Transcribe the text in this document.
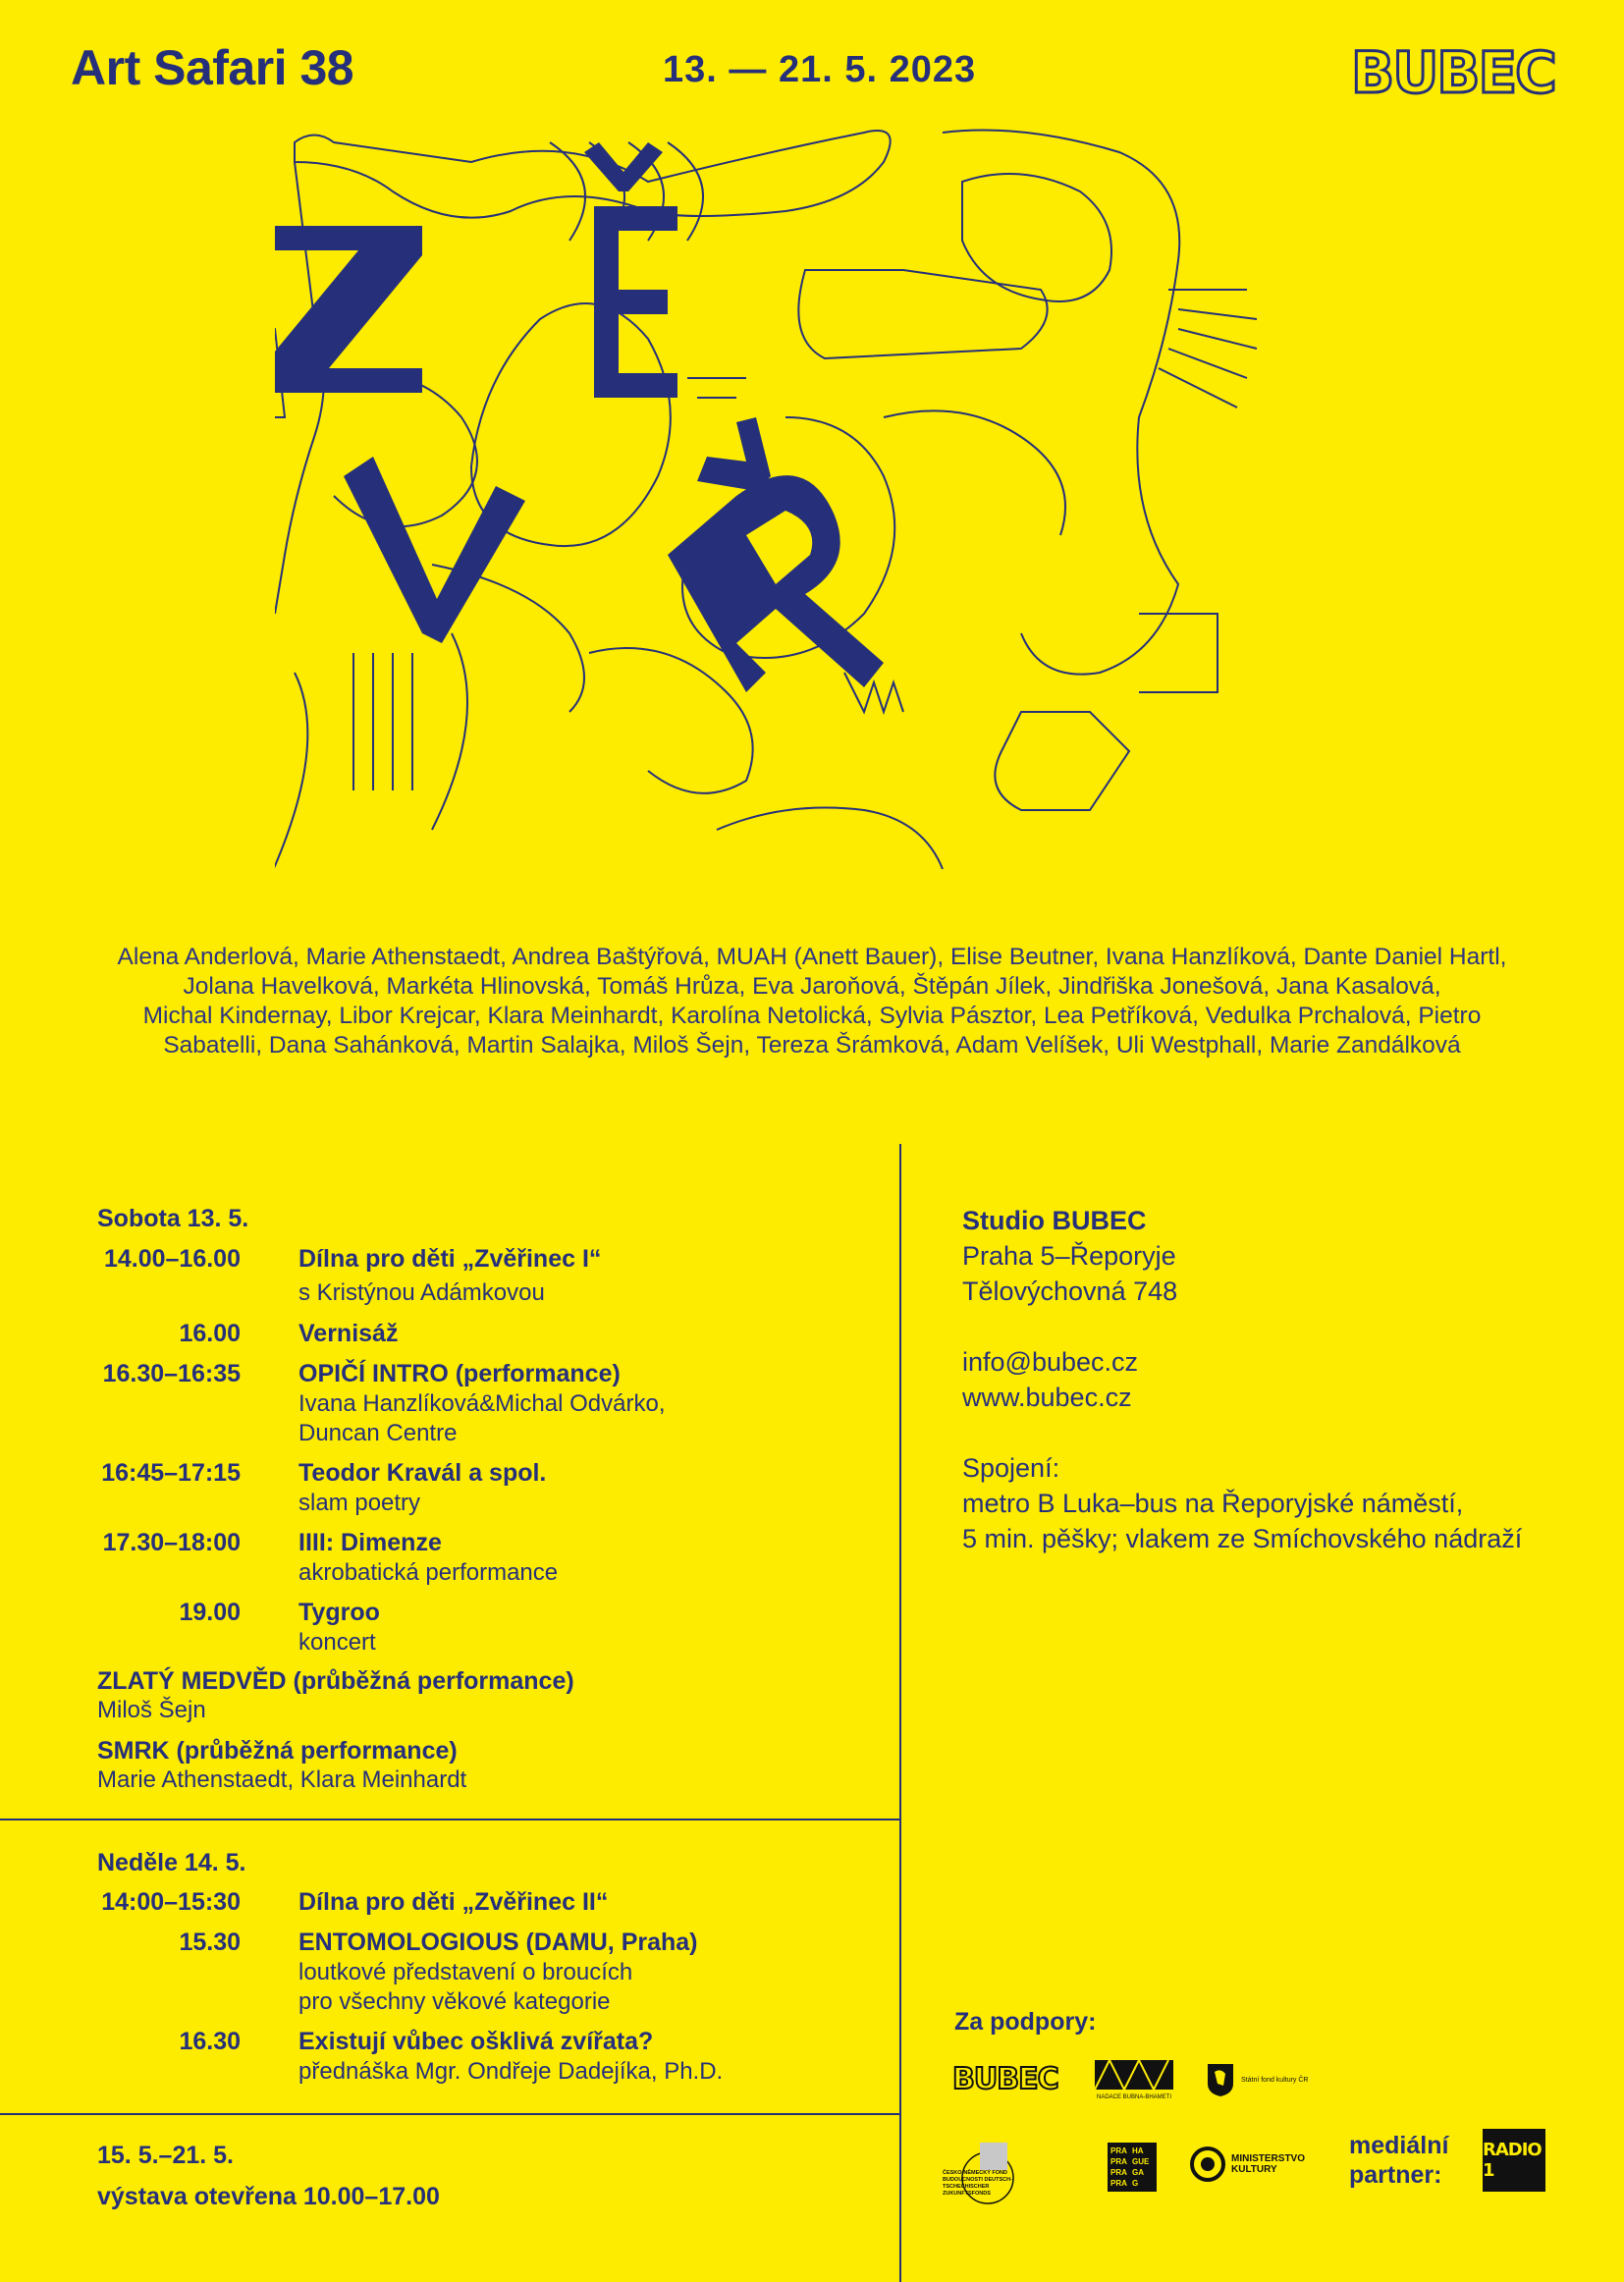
Art Safari 38	13. — 21. 5. 2023	BUBEC
Alena Anderlová, Marie Athenstaedt, Andrea Baštýřová, MUAH (Anett Bauer), Elise Beutner, Ivana Hanzlíková, Dante Daniel Hartl,
Jolana Havelková, Markéta Hlinovská, Tomáš Hrůza, Eva Jaroňová, Štěpán Jílek, Jindřiška Jonešová, Jana Kasalová,
Michal Kindernay, Libor Krejcar, Klara Meinhardt, Karolína Netolická, Sylvia Pásztor, Lea Petříková, Vedulka Prchalová, Pietro
Sabatelli, Dana Sahánková, Martin Salajka, Miloš Šejn, Tereza Šrámková, Adam Velíšek, Uli Westphall, Marie Zandálková
Sobota 13. 5.
14.00–16.00 Dílna pro děti „Zvěřinec I“
s Kristýnou Adámkovou
16.00 Vernisáž
16.30–16:35 OPIČÍ INTRO (performance)
Ivana Hanzlíková&Michal Odvárko,
Duncan Centre
16:45–17:15 Teodor Kravál a spol.
slam poetry
17.30–18:00 IIII: Dimenze
akrobatická performance
19.00 Tygroo
koncert
ZLATÝ MEDVĚD (průběžná performance)
Miloš Šejn
SMRK (průběžná performance)
Marie Athenstaedt, Klara Meinhardt
Neděle 14. 5.
14:00–15:30 Dílna pro děti „Zvěřinec II“
15.30 ENTOMOLOGIOUS (DAMU, Praha)
loutkové představení o broucích
pro všechny věkové kategorie
16.30 Existují vůbec ošklivá zvířata?
přednáška Mgr. Ondřeje Dadejíka, Ph.D.
15. 5.–21. 5.
výstava otevřena 10.00–17.00
Studio BUBEC
Praha 5–Řeporyje
Tělovýchovná 748
info@bubec.cz
www.bubec.cz
Spojení:
metro B Luka–bus na Řeporyjské náměstí,
5 min. pěšky; vlakem ze Smíchovského nádraží
Za podpory:
BUBEC
NADACE BUBNA-BHAMETI
Státní fond kultury ČR
ČESKO-NĚMECKÝ FOND BUDOUCNOSTI DEUTSCH-TSCHECHISCHER ZUKUNFTSFONDS
PRA HA
PRA GUE
PRA GA
PRA G
MINISTERSTVO KULTURY
mediální
partner:
RADIO 1
